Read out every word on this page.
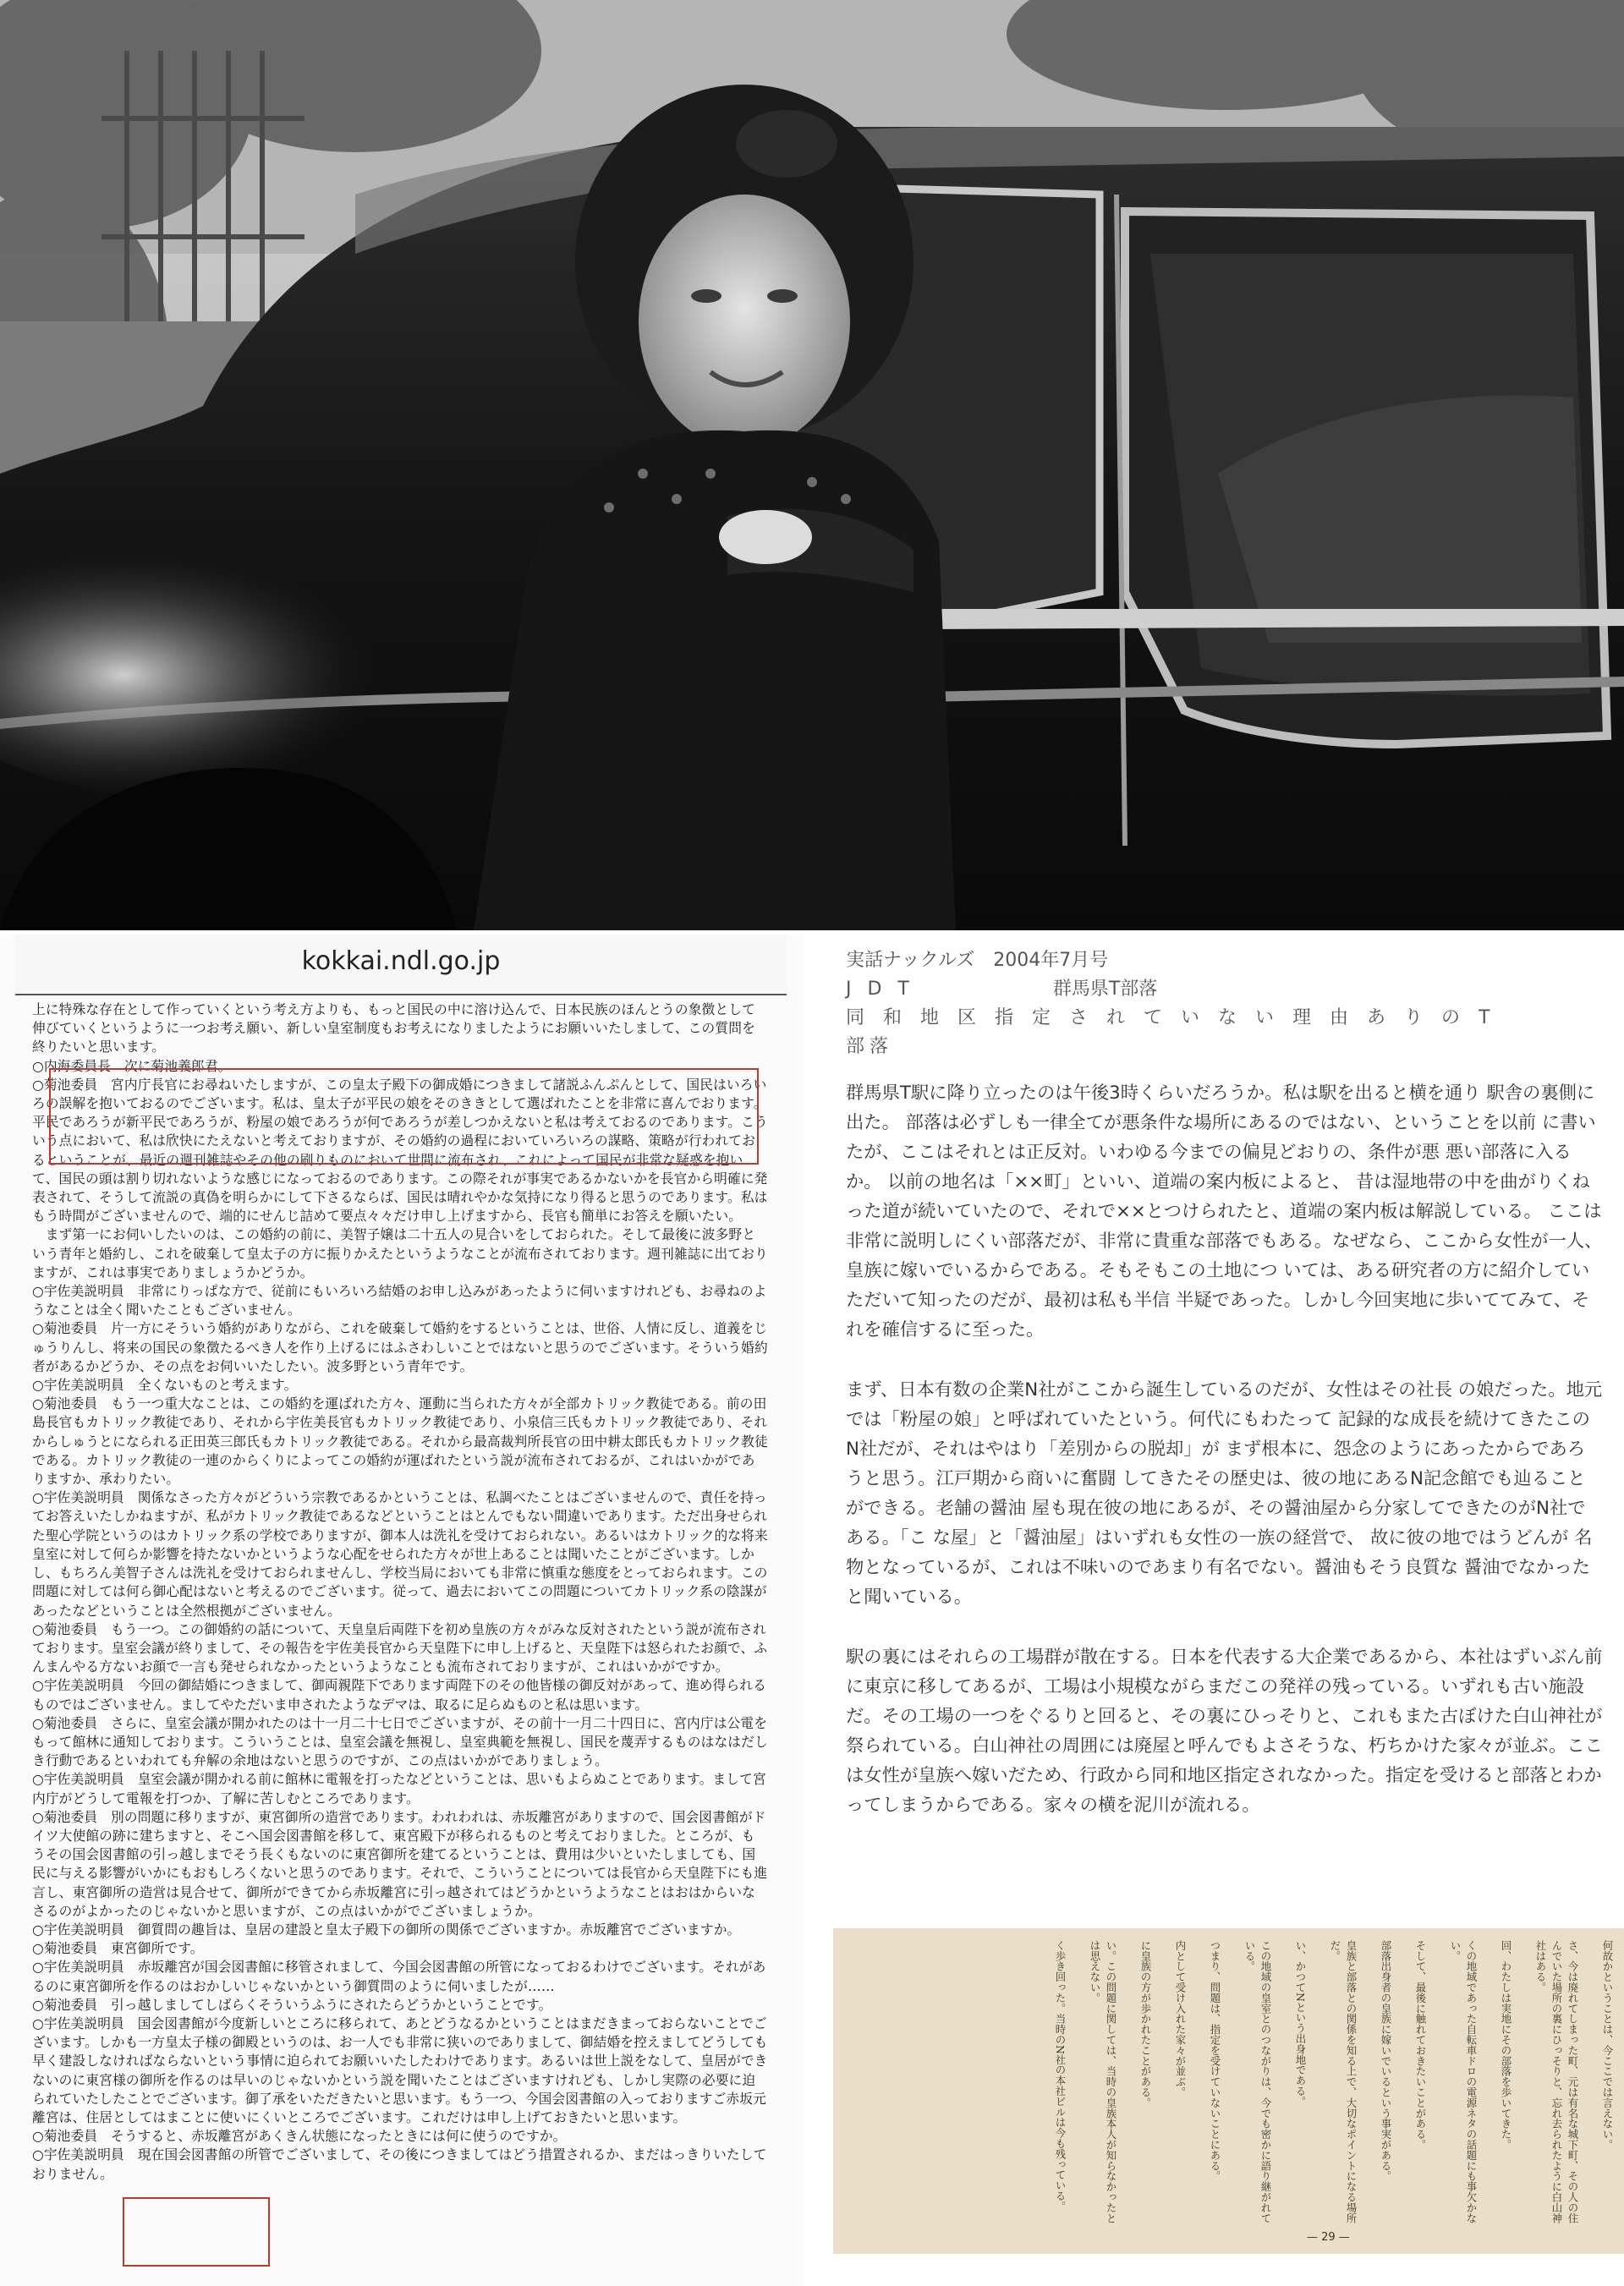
kokkai.ndl.go.jp

上に特殊な存在として作っていくという考え方よりも、もっと国民の中に溶け込んで、日本民族のほんとうの象徴として伸びていくというように一つお考え願い、新しい皇室制度もお考えになりましたようにお願いいたしまして、この質問を終りたいと思います。

○内海委員長　次に菊池義郎君。

○菊池委員　宮内庁長官にお尋ねいたしますが、この皇太子殿下の御成婚につきまして諸説ふんぷんとして、国民はいろいろの誤解を抱いておるのでございます。私は、皇太子が平民の娘をそのききとして選ばれたことを非常に喜んでおります。平民であろうが新平民であろうが、粉屋の娘であろうが何であろうが差しつかえないと私は考えておるのであります。こういう点において、私は欣快にたえないと考えておりますが、その婚約の過程においていろいろの謀略、策略が行われておるということが、最近の週刊雑誌やその他の刷りものにおいて世間に流布され、これによって国民が非常な疑惑を抱いて、国民の頭は割り切れないような感じになっておるのであります。この際それが事実であるかないかを長官から明確に発表されて、そうして流説の真偽を明らかにして下さるならば、国民は晴れやかな気持になり得ると思うのであります。私はもう時間がございませんので、端的にせんじ詰めて要点々々だけ申し上げますから、長官も簡単にお答えを願いたい。

まず第一にお伺いしたいのは、この婚約の前に、美智子嬢は二十五人の見合いをしておられた。そして最後に波多野という青年と婚約し、これを破棄して皇太子の方に振りかえたというようなことが流布されております。週刊雑誌に出ておりますが、これは事実でありましょうかどうか。

○宇佐美説明員　非常にりっぱな方で、従前にもいろいろ結婚のお申し込みがあったように伺いますけれども、お尋ねのようなことは全く聞いたこともございません。

○菊池委員　片一方にそういう婚約がありながら、これを破棄して婚約をするということは、世俗、人情に反し、道義をじゅうりんし、将来の国民の象徴たるべき人を作り上げるにはふさわしいことではないと思うのでございます。そういう婚約者があるかどうか、その点をお伺いいたしたい。波多野という青年です。

○宇佐美説明員　全くないものと考えます。

○菊池委員　もう一つ重大なことは、この婚約を運ばれた方々、運動に当られた方々が全部カトリック教徒である。前の田島長官もカトリック教徒であり、それから宇佐美長官もカトリック教徒であり、小泉信三氏もカトリック教徒であり、それからしゅうとになられる正田英三郎氏もカトリック教徒である。それから最高裁判所長官の田中耕太郎氏もカトリック教徒である。カトリック教徒の一連のからくりによってこの婚約が運ばれたという説が流布されておるが、これはいかがでありますか、承わりたい。

○宇佐美説明員　関係なさった方々がどういう宗教であるかということは、私調べたことはございませんので、責任を持ってお答えいたしかねますが、私がカトリック教徒であるなどということはとんでもない間違いであります。ただ出身せられた聖心学院というのはカトリック系の学校でありますが、御本人は洗礼を受けておられない。あるいはカトリック的な将来皇室に対して何らか影響を持たないかというような心配をせられた方々が世上あることは聞いたことがございます。しかし、もちろん美智子さんは洗礼を受けておられませんし、学校当局においても非常に慎重な態度をとっておられます。この問題に対しては何ら御心配はないと考えるのでございます。従って、過去においてこの問題についてカトリック系の陰謀があったなどということは全然根拠がございません。

○菊池委員　もう一つ。この御婚約の話について、天皇皇后両陛下を初め皇族の方々がみな反対されたという説が流布されております。皇室会議が終りまして、その報告を宇佐美長官から天皇陛下に申し上げると、天皇陛下は怒られたお顔で、ふんまんやる方ないお顔で一言も発せられなかったというようなことも流布されておりますが、これはいかがですか。

○宇佐美説明員　今回の御結婚につきまして、御両親陛下であります両陛下のその他皆様の御反対があって、進め得られるものではございません。ましてやただいま申されたようなデマは、取るに足らぬものと私は思います。

○菊池委員　さらに、皇室会議が開かれたのは十一月二十七日でございますが、その前十一月二十四日に、宮内庁は公電をもって館林に通知しております。こういうことは、皇室会議を無視し、皇室典範を無視し、国民を蔑弄するものはなはだしき行動であるといわれても弁解の余地はないと思うのですが、この点はいかがでありましょう。

○宇佐美説明員　皇室会議が開かれる前に館林に電報を打ったなどということは、思いもよらぬことであります。まして宮内庁がどうして電報を打つか、了解に苦しむところであります。

○菊池委員　別の問題に移りますが、東宮御所の造営であります。われわれは、赤坂離宮がありますので、国会図書館がドイツ大使館の跡に建ちますと、そこへ国会図書館を移して、東宮殿下が移られるものと考えておりました。ところが、もうその国会図書館の引っ越しまでそう長くもないのに東宮御所を建てるということは、費用は少いといたしましても、国民に与える影響がいかにもおもしろくないと思うのであります。それで、こういうことについては長官から天皇陛下にも進言し、東宮御所の造営は見合せて、御所ができてから赤坂離宮に引っ越されてはどうかというようなことはおはからいなさるのがよかったのじゃないかと思いますが、この点はいかがでございましょうか。

○宇佐美説明員　御質問の趣旨は、皇居の建設と皇太子殿下の御所の関係でございますか。赤坂離宮でございますか。

○菊池委員　東宮御所です。

○宇佐美説明員　赤坂離宮が国会図書館に移管されまして、今国会図書館の所管になっておるわけでございます。それがあるのに東宮御所を作るのはおかしいじゃないかという御質問のように伺いましたが……

○菊池委員　引っ越しましてしばらくそういうふうにされたらどうかということです。

○宇佐美説明員　国会図書館が今度新しいところに移られて、あとどうなるかということはまだきまっておらないことでございます。しかも一方皇太子様の御殿というのは、お一人でも非常に狭いのでありまして、御結婚を控えましてどうしても早く建設しなければならないという事情に迫られてお願いいたしたわけであります。あるいは世上説をなして、皇居ができないのに東宮様の御所を作るのは早いのじゃないかという説を聞いたことはございますけれども、しかし実際の必要に迫られていたしたことでございます。御了承をいただきたいと思います。もう一つ、今国会図書館の入っておりますご赤坂元離宮は、住居としてはまことに使いにくいところでございます。これだけは申し上げておきたいと思います。

○菊池委員　そうすると、赤坂離宮があくきん状態になったときには何に使うのですか。

○宇佐美説明員　現在国会図書館の所管でございまして、その後につきましてはどう措置されるか、まだはっきりいたしておりません。

実話ナックルズ　2004年7月号
J D T	群馬県T部落
同和地区指定されていない理由ありのT
部落

群馬県T駅に降り立ったのは午後3時くらいだろうか。私は駅を出ると横を通り 駅舎の裏側に出た。 部落は必ずしも一律全てが悪条件な場所にあるのではない、ということを以前 に書いたが、ここはそれとは正反対。いわゆる今までの偏見どおりの、条件が悪 悪い部落に入るか。 以前の地名は「××町」といい、道端の案内板によると、 昔は湿地帯の中を曲がりくねった道が続いていたので、それで××とつけられたと、道端の案内板は解説している。 ここは非常に説明しにくい部落だが、非常に貴重な部落でもある。なぜなら、ここから女性が一人、皇族に嫁いでいるからである。そもそもこの土地につ いては、ある研究者の方に紹介していただいて知ったのだが、最初は私も半信 半疑であった。しかし今回実地に歩いててみて、それを確信するに至った。

まず、日本有数の企業N社がここから誕生しているのだが、女性はその社長 の娘だった。地元では「粉屋の娘」と呼ばれていたという。何代にもわたって 記録的な成長を続けてきたこのN社だが、それはやはり「差別からの脱却」が まず根本に、怨念のようにあったからであろうと思う。江戸期から商いに奮闘 してきたその歴史は、彼の地にあるN記念館でも辿ることができる。老舗の醤油 屋も現在彼の地にあるが、その醤油屋から分家してできたのがN社である。「こ な屋」と「醤油屋」はいずれも女性の一族の経営で、 故に彼の地ではうどんが 名物となっているが、これは不味いのであまり有名でない。醤油もそう良質な 醤油でなかったと聞いている。

駅の裏にはそれらの工場群が散在する。日本を代表する大企業であるから、本社はずいぶん前に東京に移してあるが、工場は小規模ながらまだこの発祥の残っている。いずれも古い施設だ。その工場の一つをぐるりと回ると、その裏にひっそりと、これもまた古ぼけた白山神社が祭られている。白山神社の周囲には廃屋と呼んでもよさそうな、朽ちかけた家々が並ぶ。ここは女性が皇族へ嫁いだため、行政から同和地区指定されなかった。指定を受けると部落とわかってしまうからである。家々の横を泥川が流れる。

何故かということは、今ここでは言えない。

さ、今は廃れてしまった町、元は有名な城下町、その人の住んでいた場所の裏にひっそりと、忘れ去られたように白山神社はある。

回、わたしは実地にその部落を歩いてきた。

くの地域であった自転車ドロの電源ネタの話題にも事欠かない。

そして、最後に触れておきたいことがある。

部落出身者の皇族に嫁いでいるという事実がある。

皇族と部落との関係を知る上で、大切なポイントになる場所だ。

い、かつてNという出身地である。

この地域の皇室とのつながりは、今でも密かに語り継がれている。

つまり、問題は、指定を受けていないことにある。

内として受け入れた家々が並ぶ。

に皇族の方が歩かれたことがある。

い。この問題に関しては、当時の皇族本人が知らなかったとは思えない。

く歩き回った。当時のN社の本社ビルは今も残っている。

— 29 —
